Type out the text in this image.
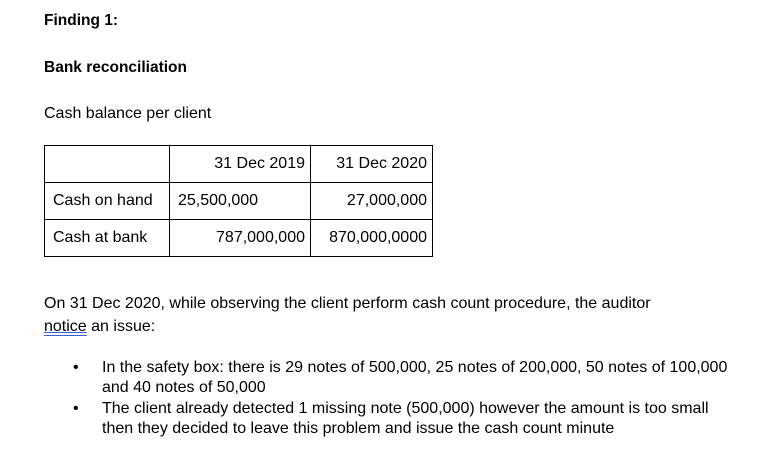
Finding 1:
Bank reconciliation
Cash balance per client
	31 Dec 2019	31 Dec 2020
Cash on hand	25,500,000	27,000,000
Cash at bank	787,000,000	870,000,0000
On 31 Dec 2020, while observing the client perform cash count procedure, the auditor
notice an issue:
• In the safety box: there is 29 notes of 500,000, 25 notes of 200,000, 50 notes of 100,000 and 40 notes of 50,000
• The client already detected 1 missing note (500,000) however the amount is too small then they decided to leave this problem and issue the cash count minute
